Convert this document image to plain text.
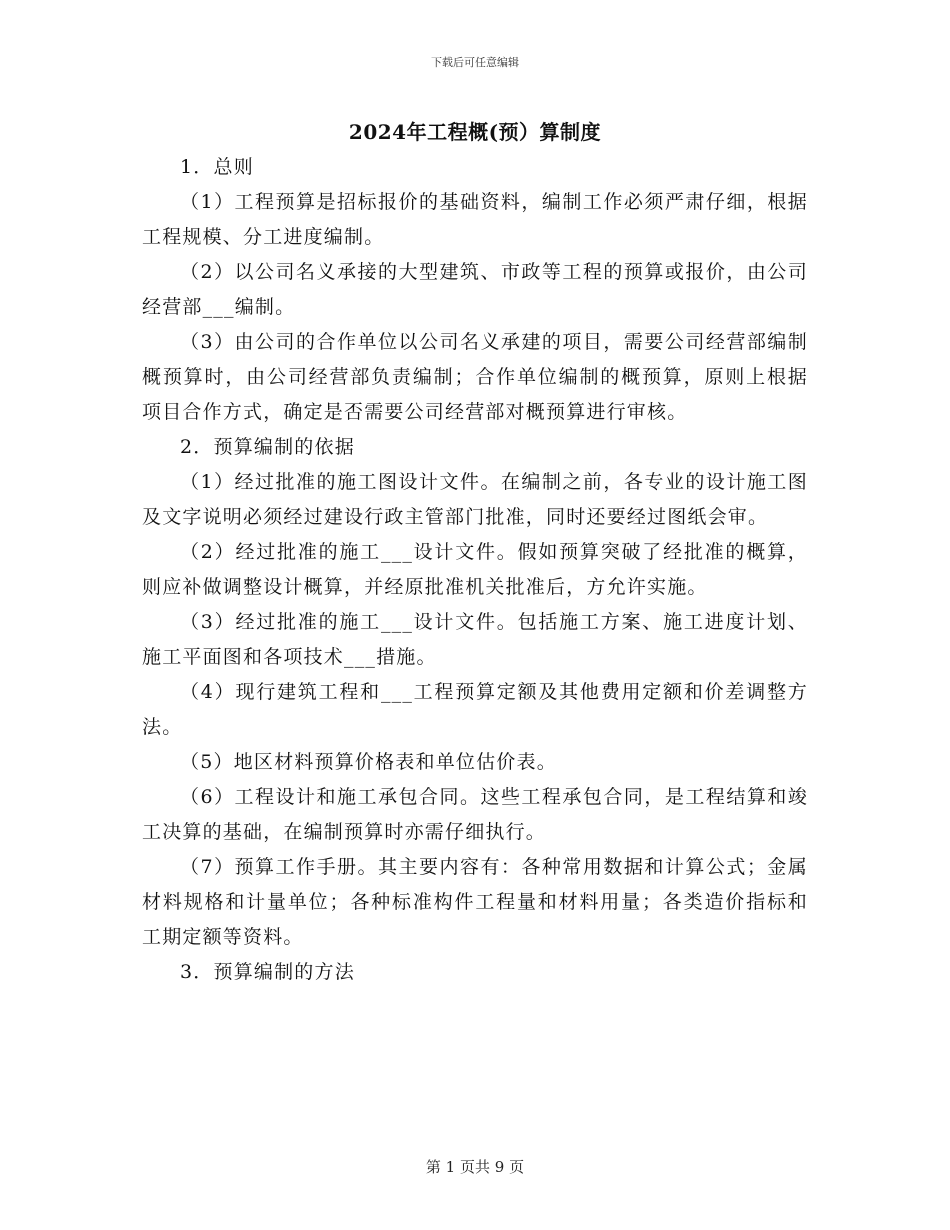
下载后可任意编辑
2024年工程概(预）算制度

1．总则

（1）工程预算是招标报价的基础资料，编制工作必须严肃仔细，根据工程规模、分工进度编制。

（2）以公司名义承接的大型建筑、市政等工程的预算或报价，由公司经营部___编制。

（3）由公司的合作单位以公司名义承建的项目，需要公司经营部编制概预算时，由公司经营部负责编制；合作单位编制的概预算，原则上根据项目合作方式，确定是否需要公司经营部对概预算进行审核。

2．预算编制的依据

（1）经过批准的施工图设计文件。在编制之前，各专业的设计施工图及文字说明必须经过建设行政主管部门批准，同时还要经过图纸会审。

（2）经过批准的施工___设计文件。假如预算突破了经批准的概算，则应补做调整设计概算，并经原批准机关批准后，方允许实施。

（3）经过批准的施工___设计文件。包括施工方案、施工进度计划、施工平面图和各项技术___措施。

（4）现行建筑工程和___工程预算定额及其他费用定额和价差调整方法。

（5）地区材料预算价格表和单位估价表。

（6）工程设计和施工承包合同。这些工程承包合同，是工程结算和竣工决算的基础，在编制预算时亦需仔细执行。

（7）预算工作手册。其主要内容有：各种常用数据和计算公式；金属材料规格和计量单位；各种标准构件工程量和材料用量；各类造价指标和工期定额等资料。

3．预算编制的方法

第 1 页共 9 页
